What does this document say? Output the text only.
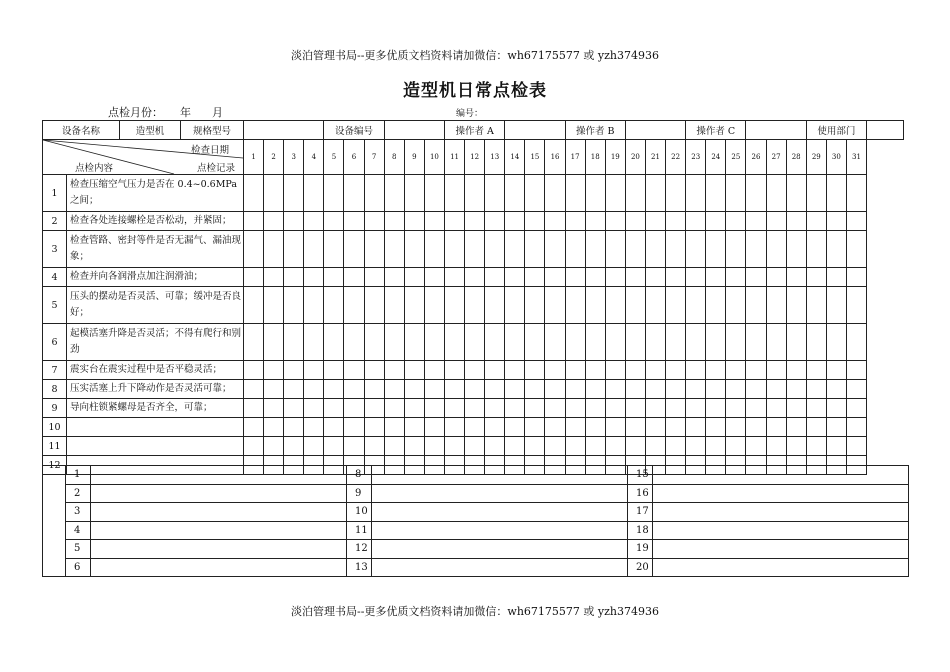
淡泊管理书局--更多优质文档资料请加微信：wh67175577 或 yzh374936
造型机日常点检表
点检月份： 年 月	编号：
设备名称		造型机	规格型号					设备编号						操作者 A						操作者 B						操作者 C						使用部门			

检查日期
点检内容 点检记录				1	2	3	4	5	6	7	8	9	10	11	12	13	14	15	16	17	18	19	20	21	22	23	24	25	26	27	28	29	30	31	
1	检查压缩空气压力是否在 0.4~0.6MPa 之间；																																		
2	检查各处连接螺栓是否松动，并紧固；																																		
3	检查管路、密封等件是否无漏气、漏油现象；																																		
4	检查并向各润滑点加注润滑油；																																		
5	压头的摆动是否灵活、可靠；缓冲是否良好；																																		
6	起模活塞升降是否灵活；不得有爬行和别劲																																		
7	震实台在震实过程中是否平稳灵活；																																		
8	压实活塞上升下降动作是否灵活可靠；																																		
9	导向柱锁紧螺母是否齐全，可靠；																																		
10																																			
11																																			
12																																			
	1		8		15	
	2		9		16	
	3		10		17	
	4		11		18	
	5		12		19	
	6		13		20	
淡泊管理书局--更多优质文档资料请加微信：wh67175577 或 yzh374936
